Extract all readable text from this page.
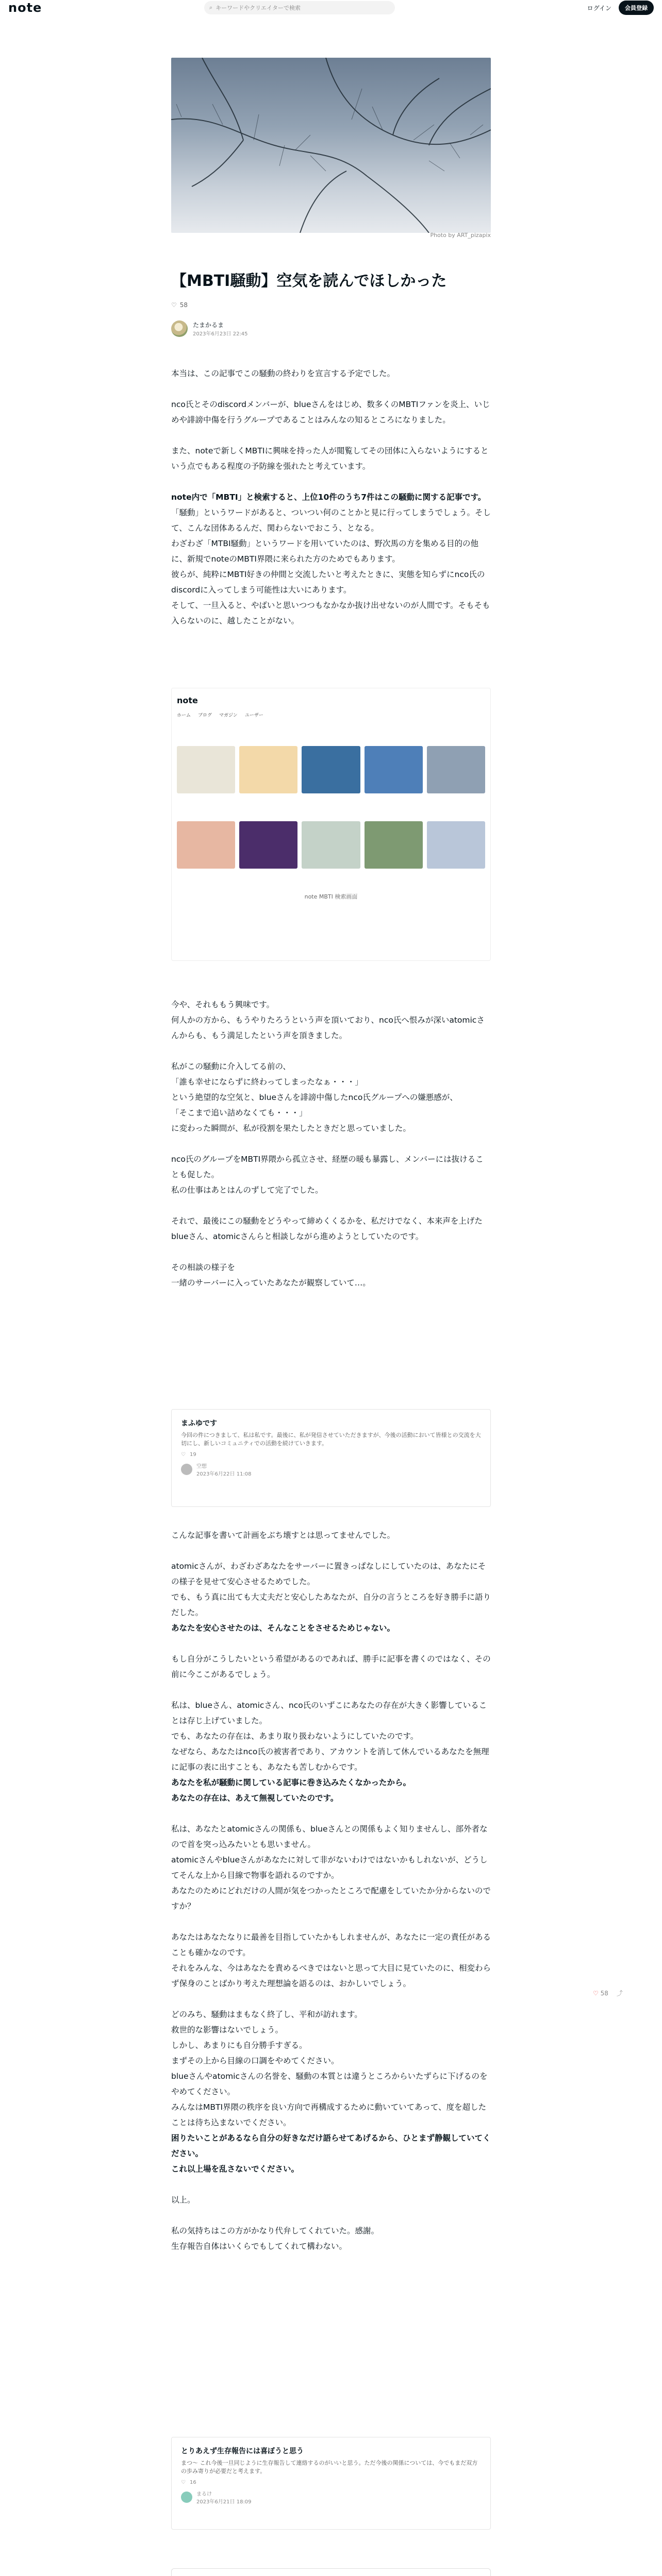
note	⌕ キーワードやクリエイターで検索	ログイン	会員登録
Photo by ART_pizapix
【MBTI騒動】空気を読んでほしかった
♡ 58
たまかるま
2023年6月23日 22:45

本当は、この記事でこの騒動の終わりを宣言する予定でした。

nco氏とそのdiscordメンバーが、blueさんをはじめ、数多くのMBTIファンを炎上、いじめや誹謗中傷を行うグループであることはみんなの知るところになりました。

また、noteで新しくMBTIに興味を持った人が閲覧してその団体に入らないようにするという点でもある程度の予防線を張れたと考えています。

note内で「MBTI」と検索すると、上位10件のうち7件はこの騒動に関する記事です。「騒動」というワードがあると、ついつい何のことかと見に行ってしまうでしょう。そして、こんな団体あるんだ、関わらないでおこう、となる。

わざわざ「MTBI騒動」というワードを用いていたのは、野次馬の方を集める目的の他に、新規でnoteのMBTI界隈に来られた方のためでもあります。

彼らが、純粋にMBTI好きの仲間と交流したいと考えたときに、実態を知らずにnco氏のdiscordに入ってしまう可能性は大いにあります。

そして、一旦入ると、やばいと思いつつもなかなか抜け出せないのが人間です。そもそも入らないのに、越したことがない。

note
ホーム ブログ マガジン ユーザー
note MBTI 検索画面

今や、それももう興味です。

何人かの方から、もうやりたろうという声を頂いており、nco氏へ恨みが深いatomicさんからも、もう満足したという声を頂きました。

私がこの騒動に介入してる前の、

「誰も幸せにならずに終わってしまったなぁ・・・」

という絶望的な空気と、blueさんを誹謗中傷したnco氏グループへの嫌悪感が、

「そこまで追い詰めなくても・・・」

に変わった瞬間が、私が役割を果たしたときだと思っていました。

nco氏のグループをMBTI界隈から孤立させ、経歴の暖も暴露し、メンバーには抜けることも促した。

私の仕事はあとはんのずして完了でした。

それで、最後にこの騒動をどうやって締めくくるかを、私だけでなく、本来声を上げたblueさん、atomicさんらと相談しながら進めようとしていたのです。

その相談の様子を

一緒のサーバーに入っていたあなたが観察していて…。

まふゆです
今回の件につきまして、私は私です。最後に、私が発信させていただきますが、今後の活動において皆様との交流を大切にし、新しいコミュニティでの活動を続けていきます。
♡ 19
空想
2023年6月22日 11:08

こんな記事を書いて計画をぶち壊すとは思ってませんでした。

atomicさんが、わざわざあなたをサーバーに置きっぱなしにしていたのは、あなたにその様子を見せて安心させるためでした。

でも、もう真に出ても大丈夫だと安心したあなたが、自分の言うところを好き勝手に語りだした。

あなたを安心させたのは、そんなことをさせるためじゃない。

もし自分がこうしたいという希望があるのであれば、勝手に記事を書くのではなく、その前に今ここがあるでしょう。

私は、blueさん、atomicさん、nco氏のいずこにあなたの存在が大きく影響していることは存じ上げていました。

でも、あなたの存在は、あまり取り扱わないようにしていたのです。

なぜなら、あなたはnco氏の被害者であり、アカウントを消して休んでいるあなたを無理に記事の表に出すことも、あなたも苦しむからです。

あなたを私が騒動に関している記事に巻き込みたくなかったから。

あなたの存在は、あえて無視していたのです。

私は、あなたとatomicさんの関係も、blueさんとの関係もよく知りませんし、部外者なので首を突っ込みたいとも思いません。

atomicさんやblueさんがあなたに対して非がないわけではないかもしれないが、どうしてそんな上から目線で物事を語れるのですか。

あなたのためにどれだけの人間が気をつかったところで配慮をしていたか分からないのですか？

あなたはあなたなりに最善を目指していたかもしれませんが、あなたに一定の責任があることも確かなのです。

それをみんな、今はあなたを責めるべきではないと思って大目に見ていたのに、相変わらず保身のことばかり考えた理想論を語るのは、おかしいでしょう。

どのみち、騒動はまもなく終了し、平和が訪れます。

救世的な影響はないでしょう。

しかし、あまりにも自分勝手すぎる。

まずその上から目線の口調をやめてください。

blueさんやatomicさんの名誉を、騒動の本質とは違うところからいたずらに下げるのをやめてください。

みんなはMBTI界隈の秩序を良い方向で再構成するために動いていてあって、度を超したことは待ち込まないでください。

困りたいことがあるなら自分の好きなだけ語らせてあげるから、ひとまず静観していてください。

これ以上場を乱さないでください。

以上。

私の気持ちはこの方がかなり代弁してくれていた。感謝。

生存報告自体はいくらでもしてくれて構わない。

♡ 58 ⤴
とりあえず生存報告には喜ぼうと思う
まつ〜 これ今後一旦同じように生存報告して連絡するのがいいと思う。ただ今後の関係については、今でもまだ双方の歩み寄りが必要だと考えます。
♡ 16
まるけ
2023年6月21日 18:09
